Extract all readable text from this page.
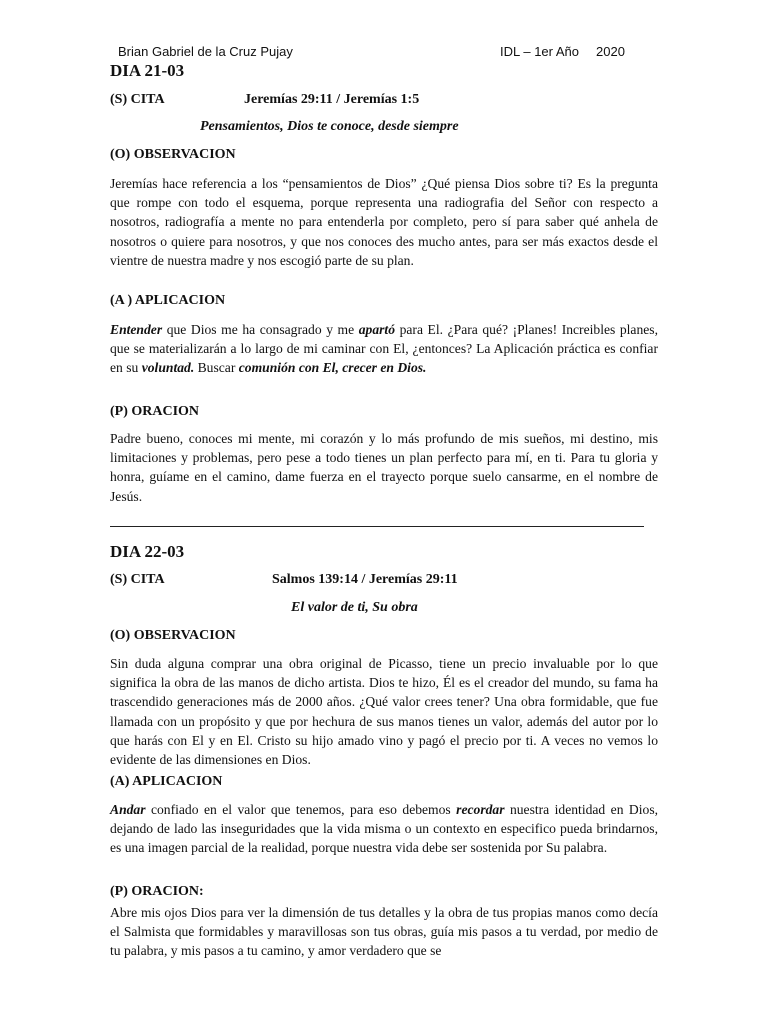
Brian Gabriel de la Cruz Pujay	IDL – 1er Año 2020
DIA 21-03
(S) CITA	Jeremías 29:11 / Jeremías 1:5
Pensamientos, Dios te conoce, desde siempre
(O) OBSERVACION
Jeremías hace referencia a los “pensamientos de Dios” ¿Qué piensa Dios sobre ti? Es la pregunta que rompe con todo el esquema, porque representa una radiografia del Señor con respecto a nosotros, radiografía a mente no para entenderla por completo, pero sí para saber qué anhela de nosotros o quiere para nosotros, y que nos conoces des mucho antes, para ser más exactos desde el vientre de nuestra madre y nos escogió parte de su plan.
(A ) APLICACION
Entender que Dios me ha consagrado y me apartó para El. ¿Para qué? ¡Planes! Increibles planes, que se materializarán a lo largo de mi caminar con El, ¿entonces? La Aplicación práctica es confiar en su voluntad. Buscar comunión con El, crecer en Dios.
(P) ORACION
Padre bueno, conoces mi mente, mi corazón y lo más profundo de mis sueños, mi destino, mis limitaciones y problemas, pero pese a todo tienes un plan perfecto para mí, en ti. Para tu gloria y honra, guíame en el camino, dame fuerza en el trayecto porque suelo cansarme, en el nombre de Jesús.
DIA 22-03
(S) CITA	Salmos 139:14 / Jeremías 29:11
El valor de ti, Su obra
(O) OBSERVACION
Sin duda alguna comprar una obra original de Picasso, tiene un precio invaluable por lo que significa la obra de las manos de dicho artista. Dios te hizo, Él es el creador del mundo, su fama ha trascendido generaciones más de 2000 años. ¿Qué valor crees tener? Una obra formidable, que fue llamada con un propósito y que por hechura de sus manos tienes un valor, además del autor por lo que harás con El y en El. Cristo su hijo amado vino y pagó el precio por ti. A veces no vemos lo evidente de las dimensiones en Dios.
(A) APLICACION
Andar confiado en el valor que tenemos, para eso debemos recordar nuestra identidad en Dios, dejando de lado las inseguridades que la vida misma o un contexto en especifico pueda brindarnos, es una imagen parcial de la realidad, porque nuestra vida debe ser sostenida por Su palabra.
(P) ORACION:
Abre mis ojos Dios para ver la dimensión de tus detalles y la obra de tus propias manos como decía el Salmista que formidables y maravillosas son tus obras, guía mis pasos a tu verdad, por medio de tu palabra, y mis pasos a tu camino, y amor verdadero que se
